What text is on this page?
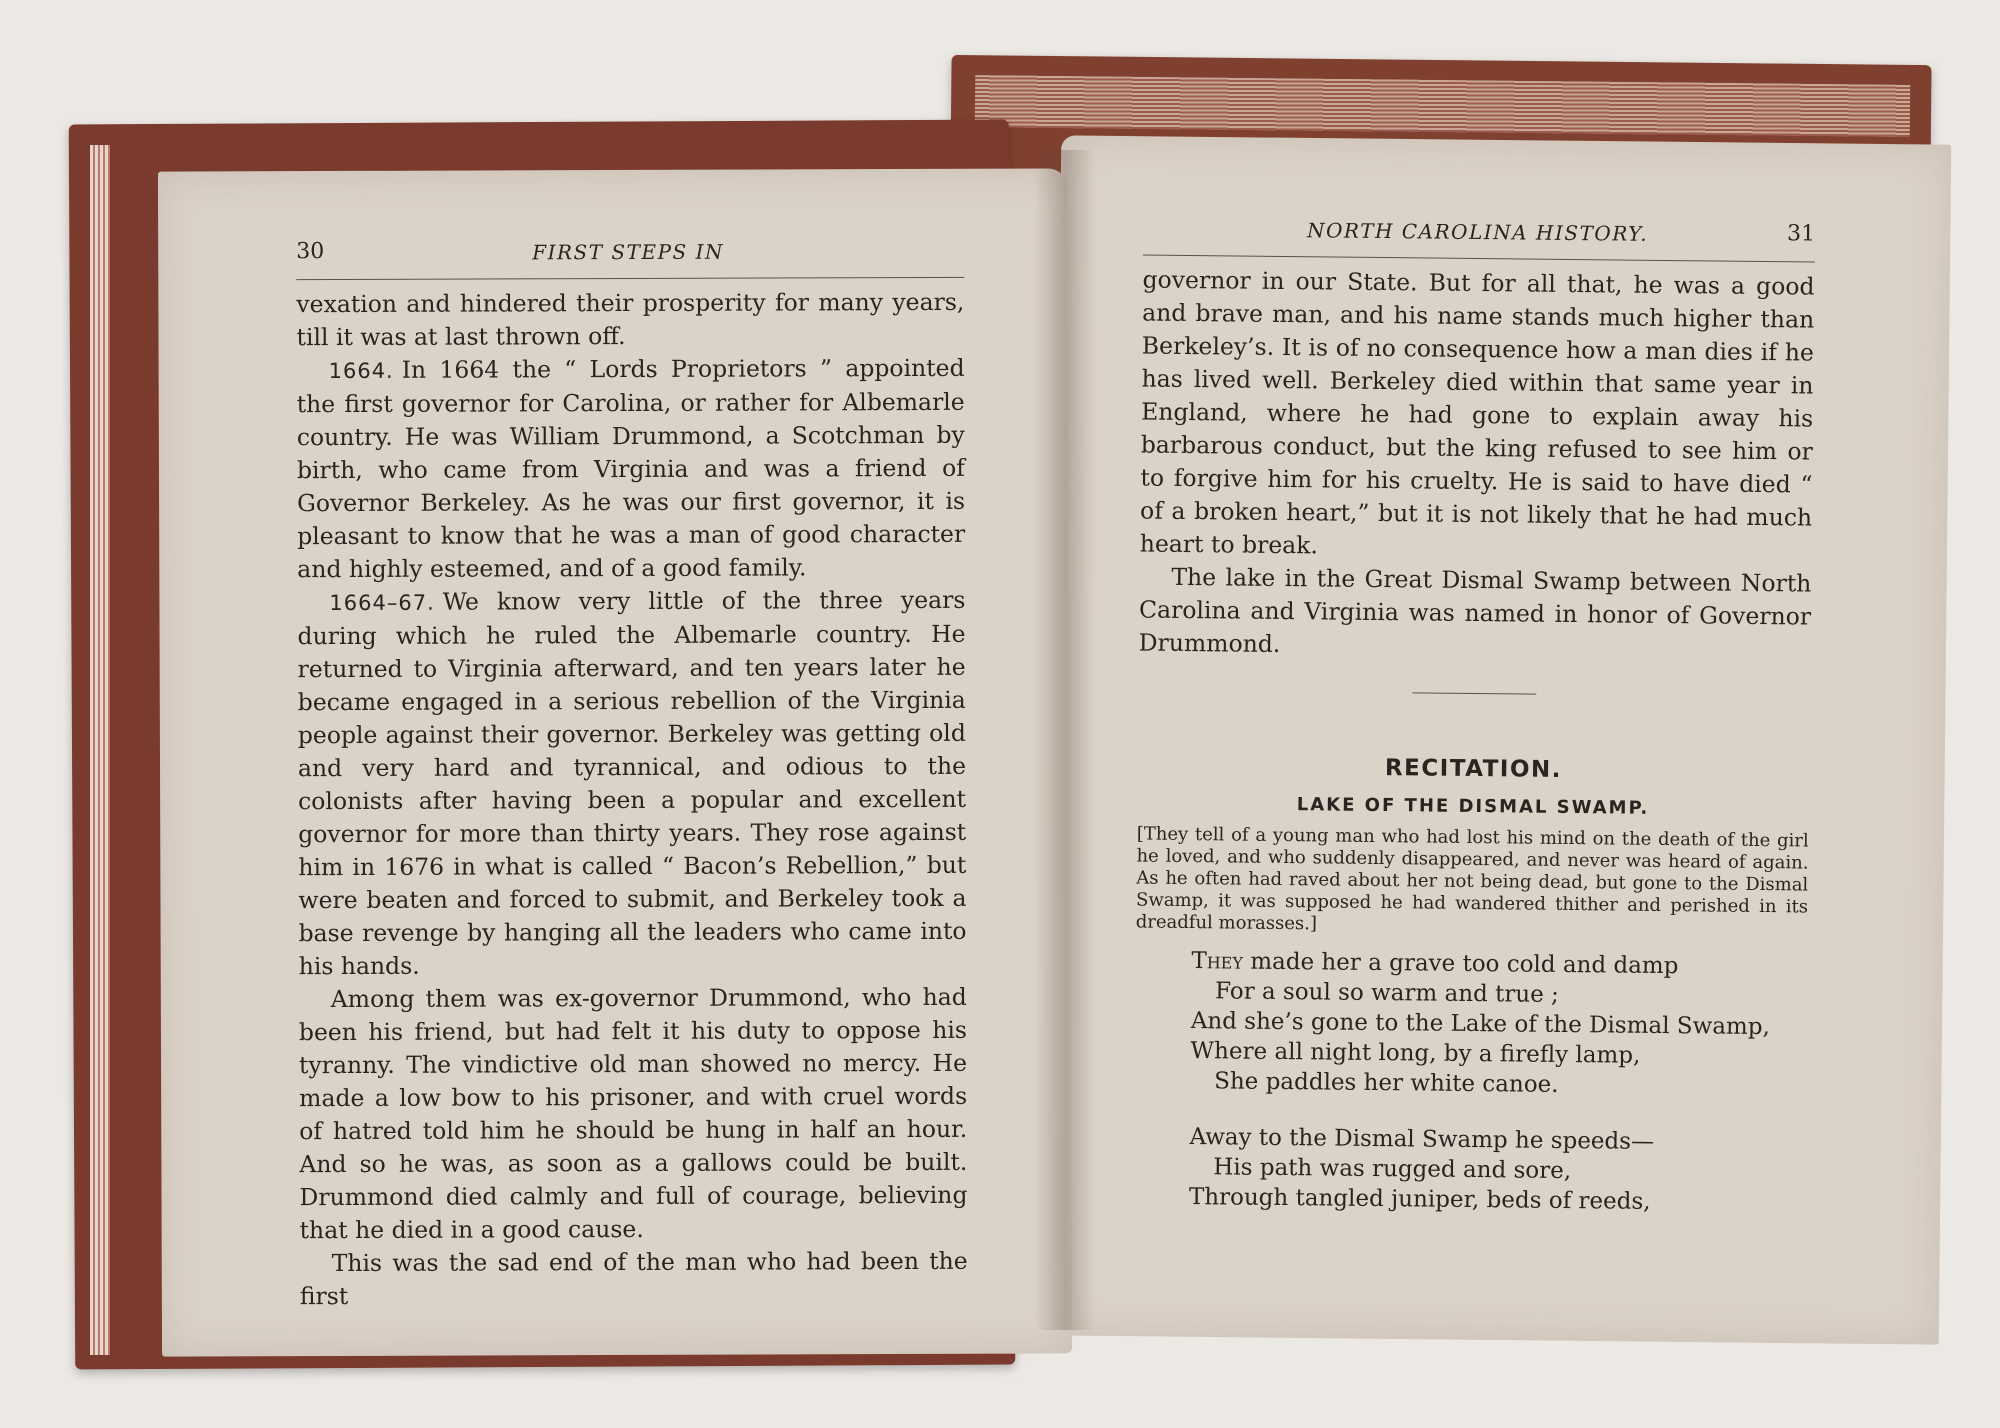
30	FIRST STEPS IN

vexation and hindered their prosperity for many years, till it was at last thrown off.

1664. In 1664 the “ Lords Proprietors ” appointed the first governor for Carolina, or rather for Albemarle country. He was William Drummond, a Scotchman by birth, who came from Virginia and was a friend of Governor Berkeley. As he was our first governor, it is pleasant to know that he was a man of good character and highly esteemed, and of a good family.

1664–67. We know very little of the three years during which he ruled the Albemarle country. He returned to Virginia afterward, and ten years later he became engaged in a serious rebellion of the Virginia people against their governor. Berkeley was getting old and very hard and tyrannical, and odious to the colonists after having been a popular and excellent governor for more than thirty years. They rose against him in 1676 in what is called “ Bacon’s Rebellion,” but were beaten and forced to submit, and Berkeley took a base revenge by hanging all the leaders who came into his hands.

Among them was ex-governor Drummond, who had been his friend, but had felt it his duty to oppose his tyranny. The vindictive old man showed no mercy. He made a low bow to his prisoner, and with cruel words of hatred told him he should be hung in half an hour. And so he was, as soon as a gallows could be built. Drummond died calmly and full of courage, believing that he died in a good cause.

This was the sad end of the man who had been the first

NORTH CAROLINA HISTORY.	31

governor in our State. But for all that, he was a good and brave man, and his name stands much higher than Berkeley’s. It is of no consequence how a man dies if he has lived well. Berkeley died within that same year in England, where he had gone to explain away his barbarous conduct, but the king refused to see him or to forgive him for his cruelty. He is said to have died “ of a broken heart,” but it is not likely that he had much heart to break.

The lake in the Great Dismal Swamp between North Carolina and Virginia was named in honor of Governor Drummond.

RECITATION.
LAKE OF THE DISMAL SWAMP.
[They tell of a young man who had lost his mind on the death of the girl he loved, and who suddenly disappeared, and never was heard of again. As he often had raved about her not being dead, but gone to the Dismal Swamp, it was supposed he had wandered thither and perished in its dreadful morasses.]
They made her a grave too cold and damp
For a soul so warm and true ;
And she’s gone to the Lake of the Dismal Swamp,
Where all night long, by a firefly lamp,
She paddles her white canoe.
Away to the Dismal Swamp he speeds—
His path was rugged and sore,
Through tangled juniper, beds of reeds,
